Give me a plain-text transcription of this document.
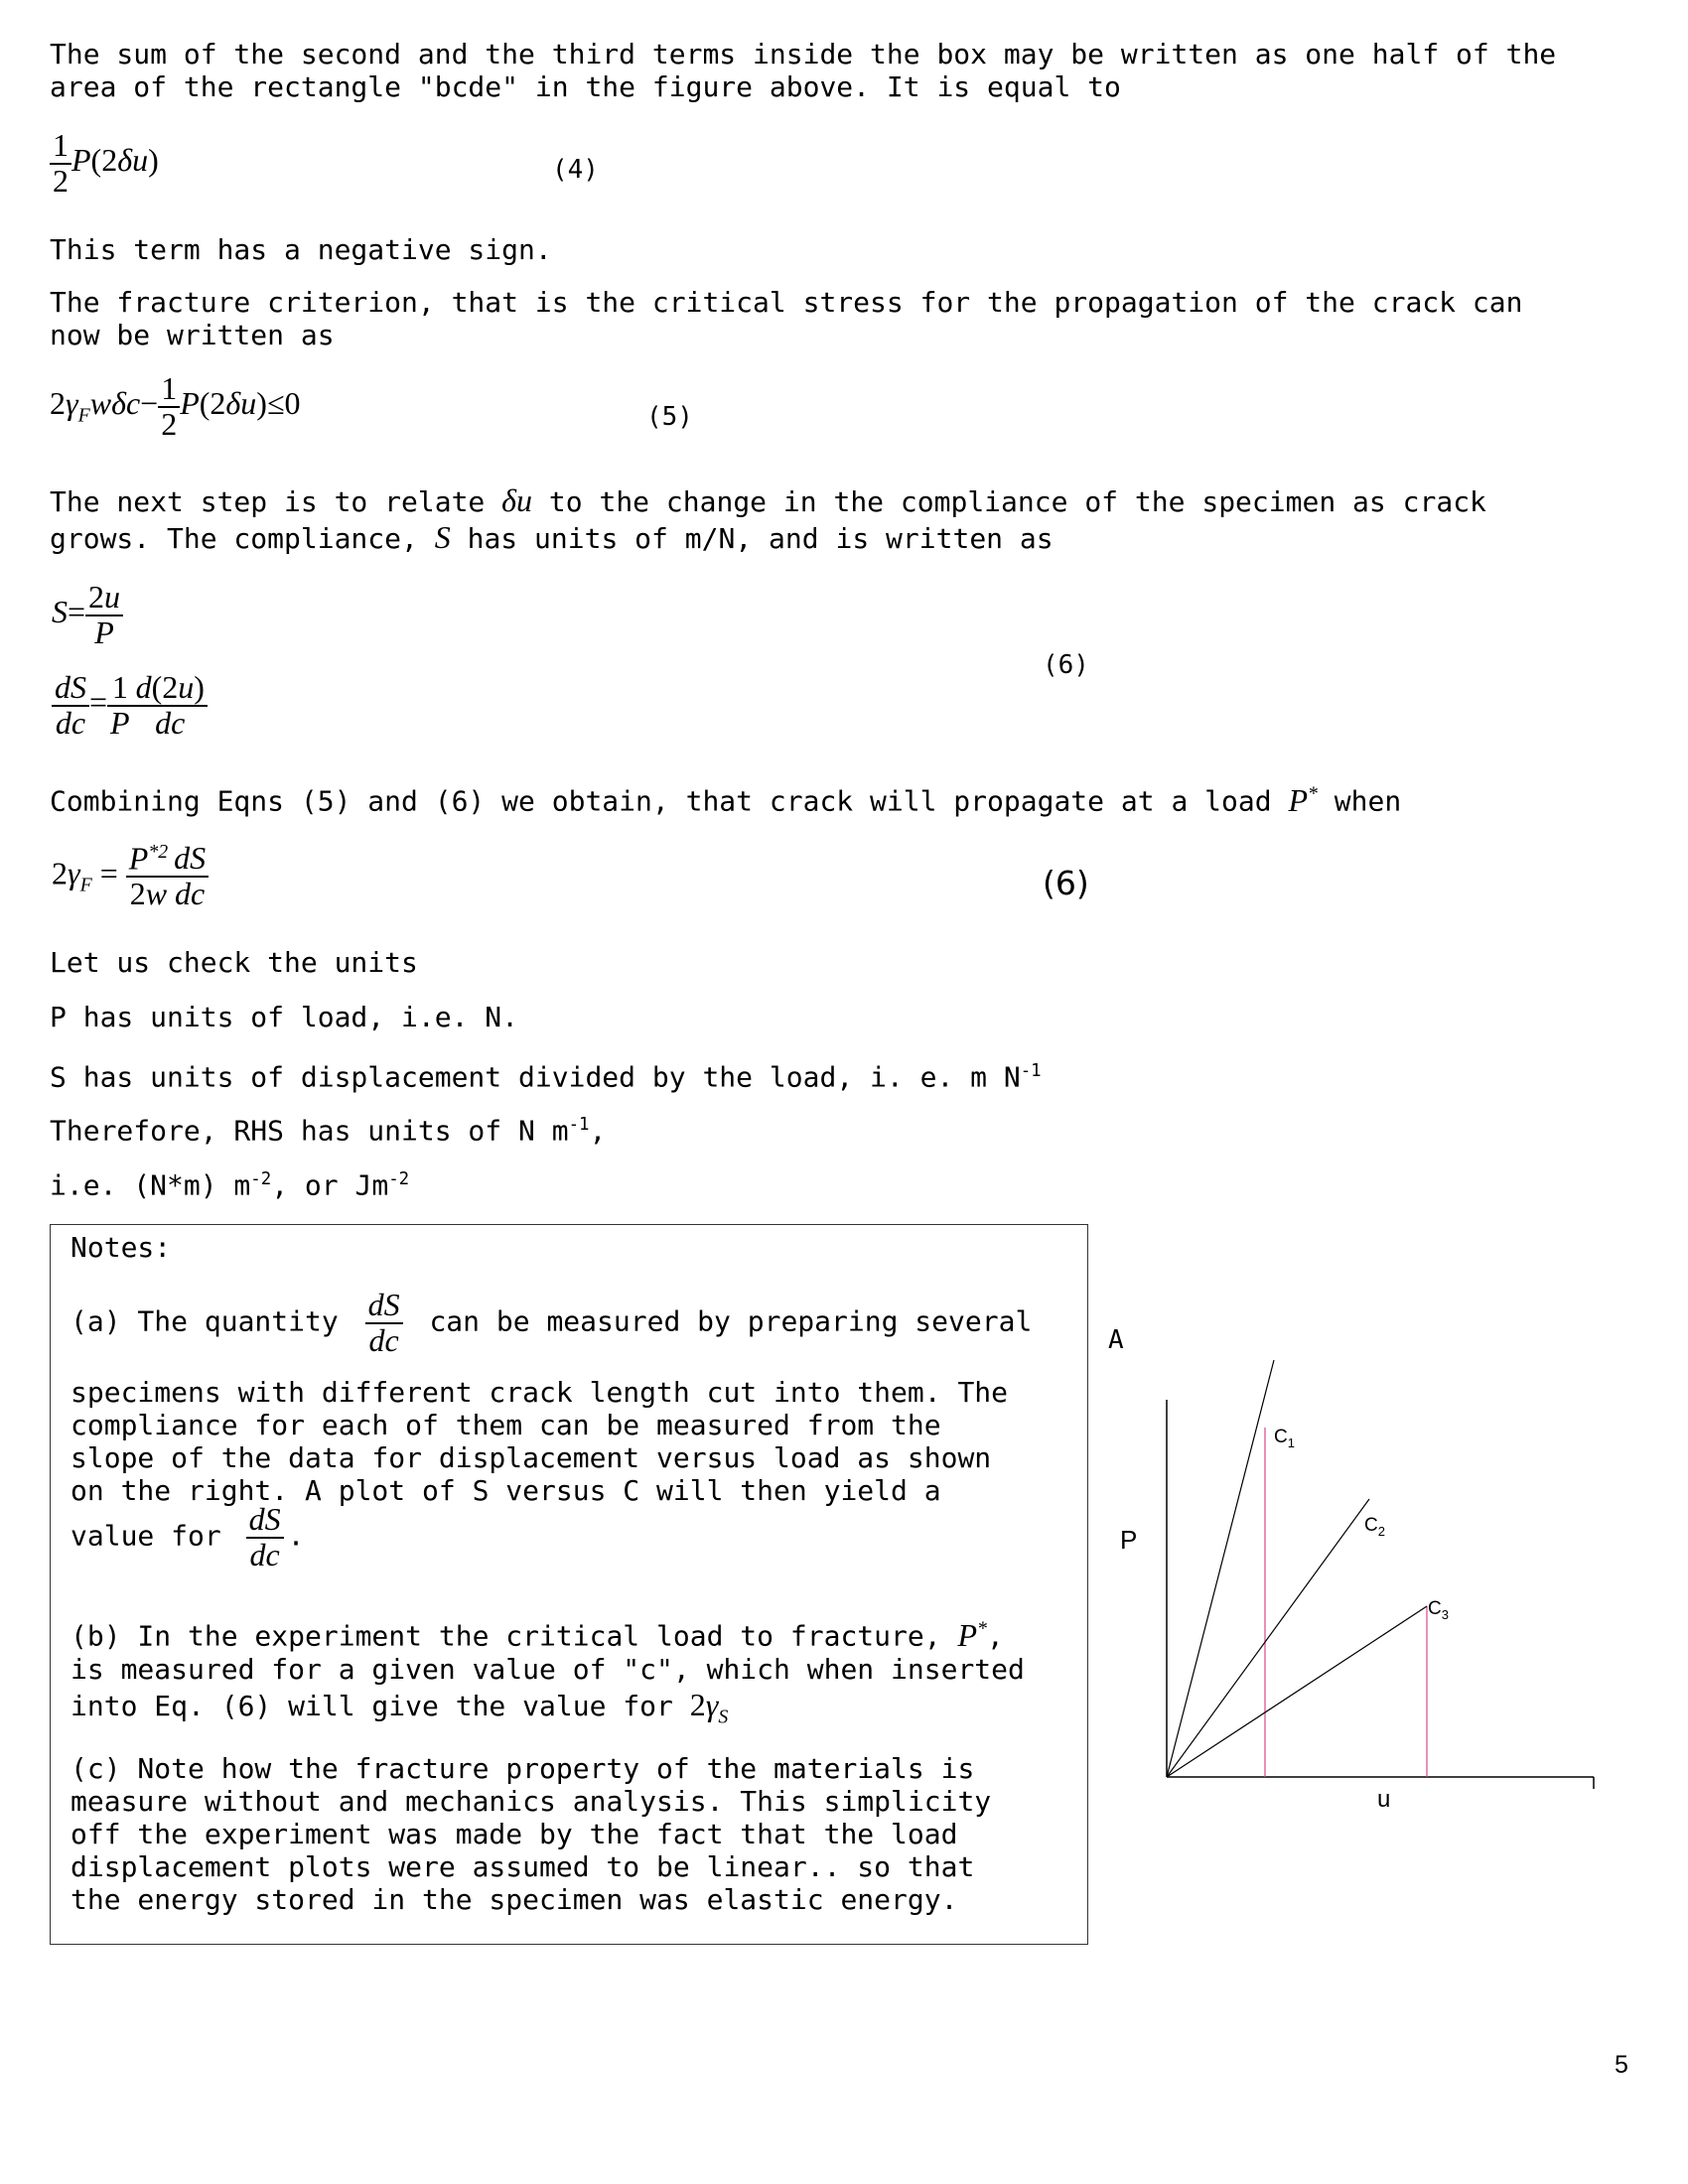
The sum of the second and the third terms inside the box may be written as one half of the
area of the rectangle "bcde" in the figure above. It is equal to
$\frac{1}{2} P(2\delta u)$	(4)
This term has a negative sign.
The fracture criterion, that is the critical stress for the propagation of the crack can
now be written as
$2\gamma_Fw\delta c- \frac{1}{2} P(2\delta u)\le 0$	(5)
The next step is to relate δu to the change in the compliance of the specimen as crack
grows. The compliance, S has units of m/N, and is written as
$S= \frac{2u}{P}$
$\frac{dS}{dc} = \frac{1}{P} \frac{d(2u)}{dc}$
(6)
Combining Eqns (5) and (6) we obtain, that crack will propagate at a load P* when
$2\gamma_F = \frac{P^{*2}}{2w} \frac{dS}{dc}$	(6)
Let us check the units
P has units of load, i.e. N.
S has units of displacement divided by the load, i. e. m $N^{-1}$
Therefore, RHS has units of N $m^{-1}$,
i.e. (N*m) $m^{-2}$, or $Jm^{-2}$
Notes:
(a) The quantity $\frac{dS}{dc}$ can be measured by preparing several
specimens with different crack length cut into them. The
compliance for each of them can be measured from the
slope of the data for displacement versus load as shown
on the right. A plot of S versus C will then yield a
value for $\frac{dS}{dc}$ .
(b) In the experiment the critical load to fracture, P*,
is measured for a given value of "c", which when inserted
into Eq. (6) will give the value for $2\gamma_S$
(c) Note how the fracture property of the materials is
measure without and mechanics analysis. This simplicity
off the experiment was made by the fact that the load
displacement plots were assumed to be linear.. so that
the energy stored in the specimen was elastic energy.
A
P
u
$C_1$
$C_2$
$C_3$
5
